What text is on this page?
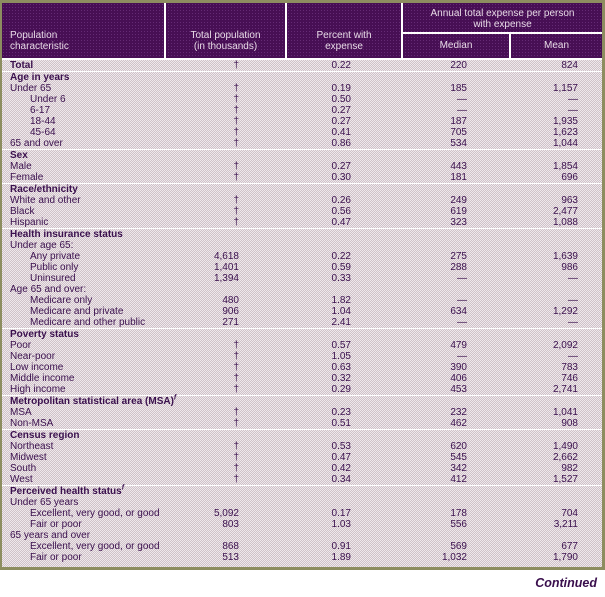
Population
characteristic
Total population
(in thousands)
Percent with
expense
Annual total expense per person
with expense
Median	Mean
Total	†	0.22	220	824
Age in years
Under 65	†	0.19	185	1,157
Under 6	†	0.50	—	—
6-17	†	0.27	—	—
18-44	†	0.27	187	1,935
45-64	†	0.41	705	1,623
65 and over	†	0.86	534	1,044
Sex
Male	†	0.27	443	1,854
Female	†	0.30	181	696
Race/ethnicity
White and other	†	0.26	249	963
Black	†	0.56	619	2,477
Hispanic	†	0.47	323	1,088
Health insurance status
Under age 65:
Any private	4,618	0.22	275	1,639
Public only	1,401	0.59	288	986
Uninsured	1,394	0.33	—	—
Age 65 and over:
Medicare only	480	1.82	—	—
Medicare and private	906	1.04	634	1,292
Medicare and other public	271	2.41	—	—
Poverty status
Poor	†	0.57	479	2,092
Near-poor	†	1.05	—	—
Low income	†	0.63	390	783
Middle income	†	0.32	406	746
High income	†	0.29	453	2,741
Metropolitan statistical area (MSA)$^f$
MSA	†	0.23	232	1,041
Non-MSA	†	0.51	462	908
Census region
Northeast	†	0.53	620	1,490
Midwest	†	0.47	545	2,662
South	†	0.42	342	982
West	†	0.34	412	1,527
Perceived health status$^f$
Under 65 years
Excellent, very good, or good	5,092	0.17	178	704
Fair or poor	803	1.03	556	3,211
65 years and over
Excellent, very good, or good	868	0.91	569	677
Fair or poor	513	1.89	1,032	1,790
Continued
